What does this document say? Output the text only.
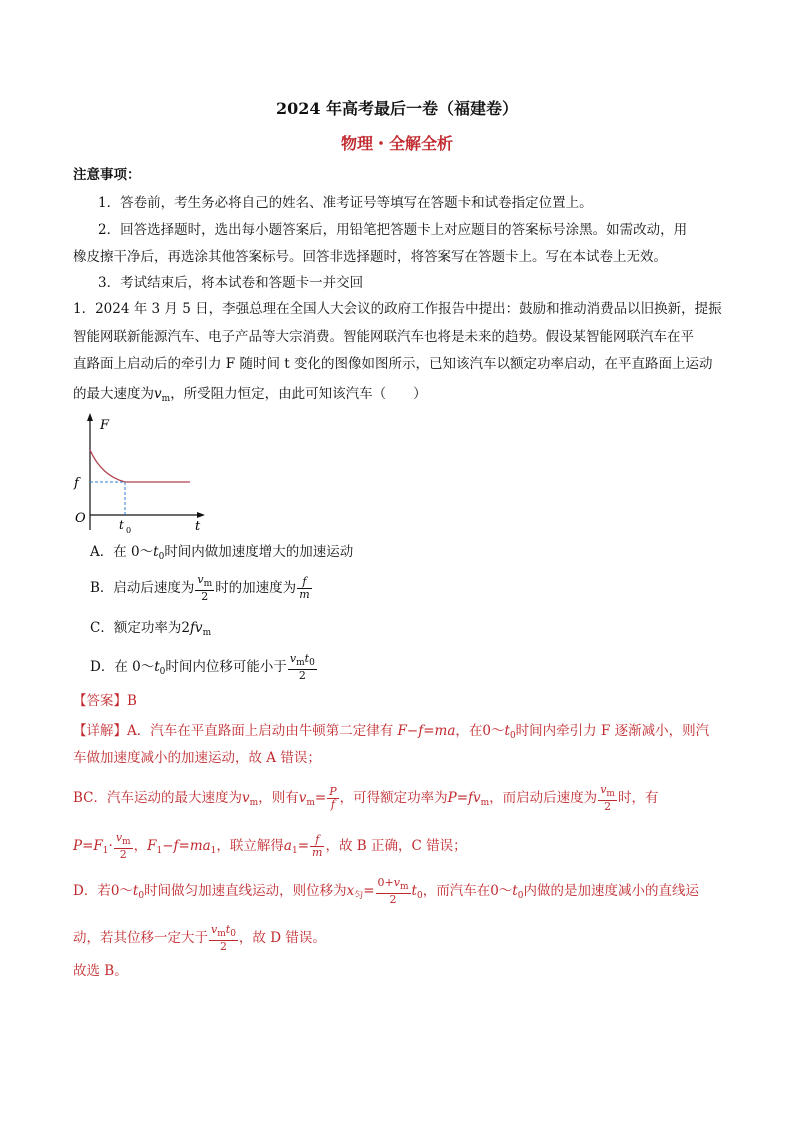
2024 年高考最后一卷（福建卷）
物理・全解全析
注意事项：
1．答卷前，考生务必将自己的姓名、准考证号等填写在答题卡和试卷指定位置上。
2．回答选择题时，选出每小题答案后，用铅笔把答题卡上对应题目的答案标号涂黑。如需改动，用
橡皮擦干净后，再选涂其他答案标号。回答非选择题时，将答案写在答题卡上。写在本试卷上无效。
3．考试结束后，将本试卷和答题卡一并交回
1．2024 年 3 月 5 日，李强总理在全国人大会议的政府工作报告中提出：鼓励和推动消费品以旧换新，提振
智能网联新能源汽车、电子产品等大宗消费。智能网联汽车也将是未来的趋势。假设某智能网联汽车在平
直路面上启动后的牵引力 F 随时间 t 变化的图像如图所示，已知该汽车以额定功率启动，在平直路面上运动
的最大速度为$v_m$，所受阻力恒定，由此可知该汽车（　　）
F
f
O
t
t 0
A．在 $0\sim t_0$时间内做加速度增大的加速运动
B．启动后速度为 $\frac{v_m}{2}$ 时的加速度为 $\frac{f}{m}$
C．额定功率为$2fv_m$
D．在 $0\sim t_0$时间内位移可能小于 $\frac{v_mt_0}{2}$
【答案】B
【详解】A．汽车在平直路面上启动由牛顿第二定律有 F−f=ma，在$0\sim t_0$时间内牵引力 F 逐渐减小，则汽
车做加速度减小的加速运动，故 A 错误；
BC．汽车运动的最大速度为$v_m$，则有$v_m= \frac{P}{f}$ ，可得额定功率为$P=fv_m$，而启动后速度为 $\frac{v_m}{2}$ 时，有
$P=F_1\cdot \frac{v_m}{2}$ ，$F_1-f=ma_1$，联立解得$a_1= \frac{f}{m}$ ，故 B 正确，C 错误；
D．若$0\sim t_0$时间做匀加速直线运动，则位移为$x_匀= \frac{0+v_m}{2} t_0$，而汽车在$0\sim t_0$内做的是加速度减小的直线运
动，若其位移一定大于 $\frac{v_mt_0}{2}$ ，故 D 错误。
故选 B。
